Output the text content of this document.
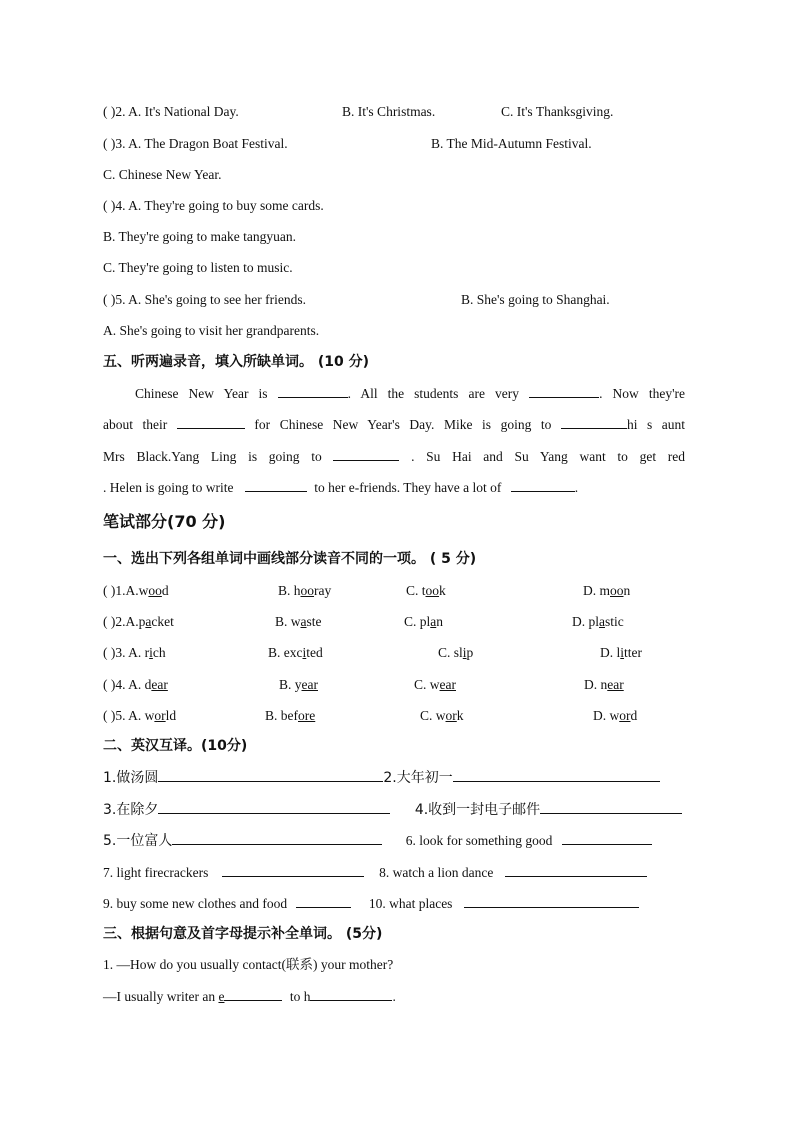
( )2. A. It's National Day.	B. It's Christmas.	C. It's Thanksgiving.
( )3. A. The Dragon Boat Festival.	B. The Mid-Autumn Festival.
C. Chinese New Year.
( )4. A. They're going to buy some cards.
B. They're going to make tangyuan.
C. They're going to listen to music.
( )5. A. She's going to see her friends.	B. She's going to Shanghai.
A. She's going to visit her grandparents.
五、听两遍录音，填入所缺单词。 (10 分)
Chinese New Year is	. All the students are very	. Now they're
about their	for Chinese New Year's Day. Mike is going to	hi s aunt
Mrs Black.Yang Ling is going to	. Su Hai and Su Yang want to get red
. Helen is going to write	to her e-friends. They have a lot of	.
笔试部分(70 分)
一、选出下列各组单词中画线部分读音不同的一项。 ( 5 分)
( )1.A.wood	B. hooray	C. took	D. moon
( )2.A.packet	B. waste	C. plan	D. plastic
( )3. A. rich	B. excited	C. slip	D. litter
( )4. A. dear	B. year	C. wear	D. near
( )5. A. world	B. before	C. work	D. word
二、英汉互译。(10分)
1.做汤圆	2.大年初一
3.在除夕	4.收到一封电子邮件
5.一位富人	6. look for something good
7. light firecrackers	8. watch a lion dance
9. buy some new clothes and food	10. what places
三、根据句意及首字母提示补全单词。 (5分)
1. —How do you usually contact(联系) your mother?
—I usually writer an e	to h	.
